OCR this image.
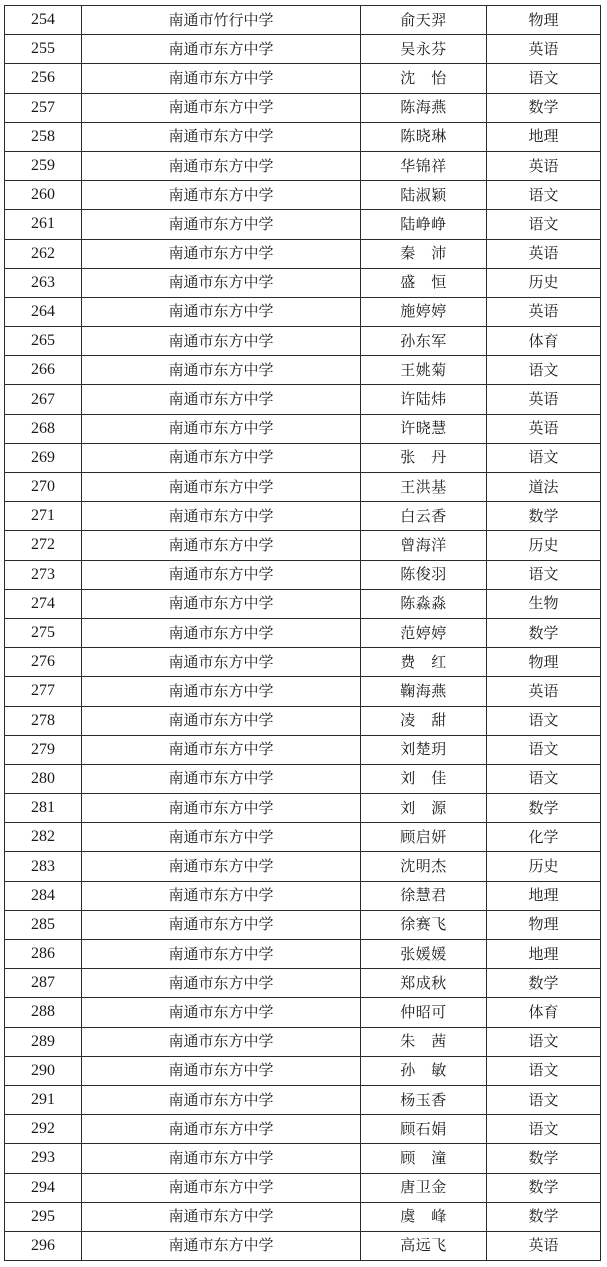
254	南通市竹行中学	俞天羿	物理
255	南通市东方中学	吴永芬	英语
256	南通市东方中学	沈　怡	语文
257	南通市东方中学	陈海燕	数学
258	南通市东方中学	陈晓琳	地理
259	南通市东方中学	华锦祥	英语
260	南通市东方中学	陆淑颖	语文
261	南通市东方中学	陆峥峥	语文
262	南通市东方中学	秦　沛	英语
263	南通市东方中学	盛　恒	历史
264	南通市东方中学	施婷婷	英语
265	南通市东方中学	孙东军	体育
266	南通市东方中学	王姚菊	语文
267	南通市东方中学	许陆炜	英语
268	南通市东方中学	许晓慧	英语
269	南通市东方中学	张　丹	语文
270	南通市东方中学	王洪基	道法
271	南通市东方中学	白云香	数学
272	南通市东方中学	曾海洋	历史
273	南通市东方中学	陈俊羽	语文
274	南通市东方中学	陈淼淼	生物
275	南通市东方中学	范婷婷	数学
276	南通市东方中学	费　红	物理
277	南通市东方中学	鞠海燕	英语
278	南通市东方中学	凌　甜	语文
279	南通市东方中学	刘楚玥	语文
280	南通市东方中学	刘　佳	语文
281	南通市东方中学	刘　源	数学
282	南通市东方中学	顾启妍	化学
283	南通市东方中学	沈明杰	历史
284	南通市东方中学	徐慧君	地理
285	南通市东方中学	徐赛飞	物理
286	南通市东方中学	张媛媛	地理
287	南通市东方中学	郑成秋	数学
288	南通市东方中学	仲昭可	体育
289	南通市东方中学	朱　茜	语文
290	南通市东方中学	孙　敏	语文
291	南通市东方中学	杨玉香	语文
292	南通市东方中学	顾石娟	语文
293	南通市东方中学	顾　潼	数学
294	南通市东方中学	唐卫金	数学
295	南通市东方中学	虞　峰	数学
296	南通市东方中学	高远飞	英语
